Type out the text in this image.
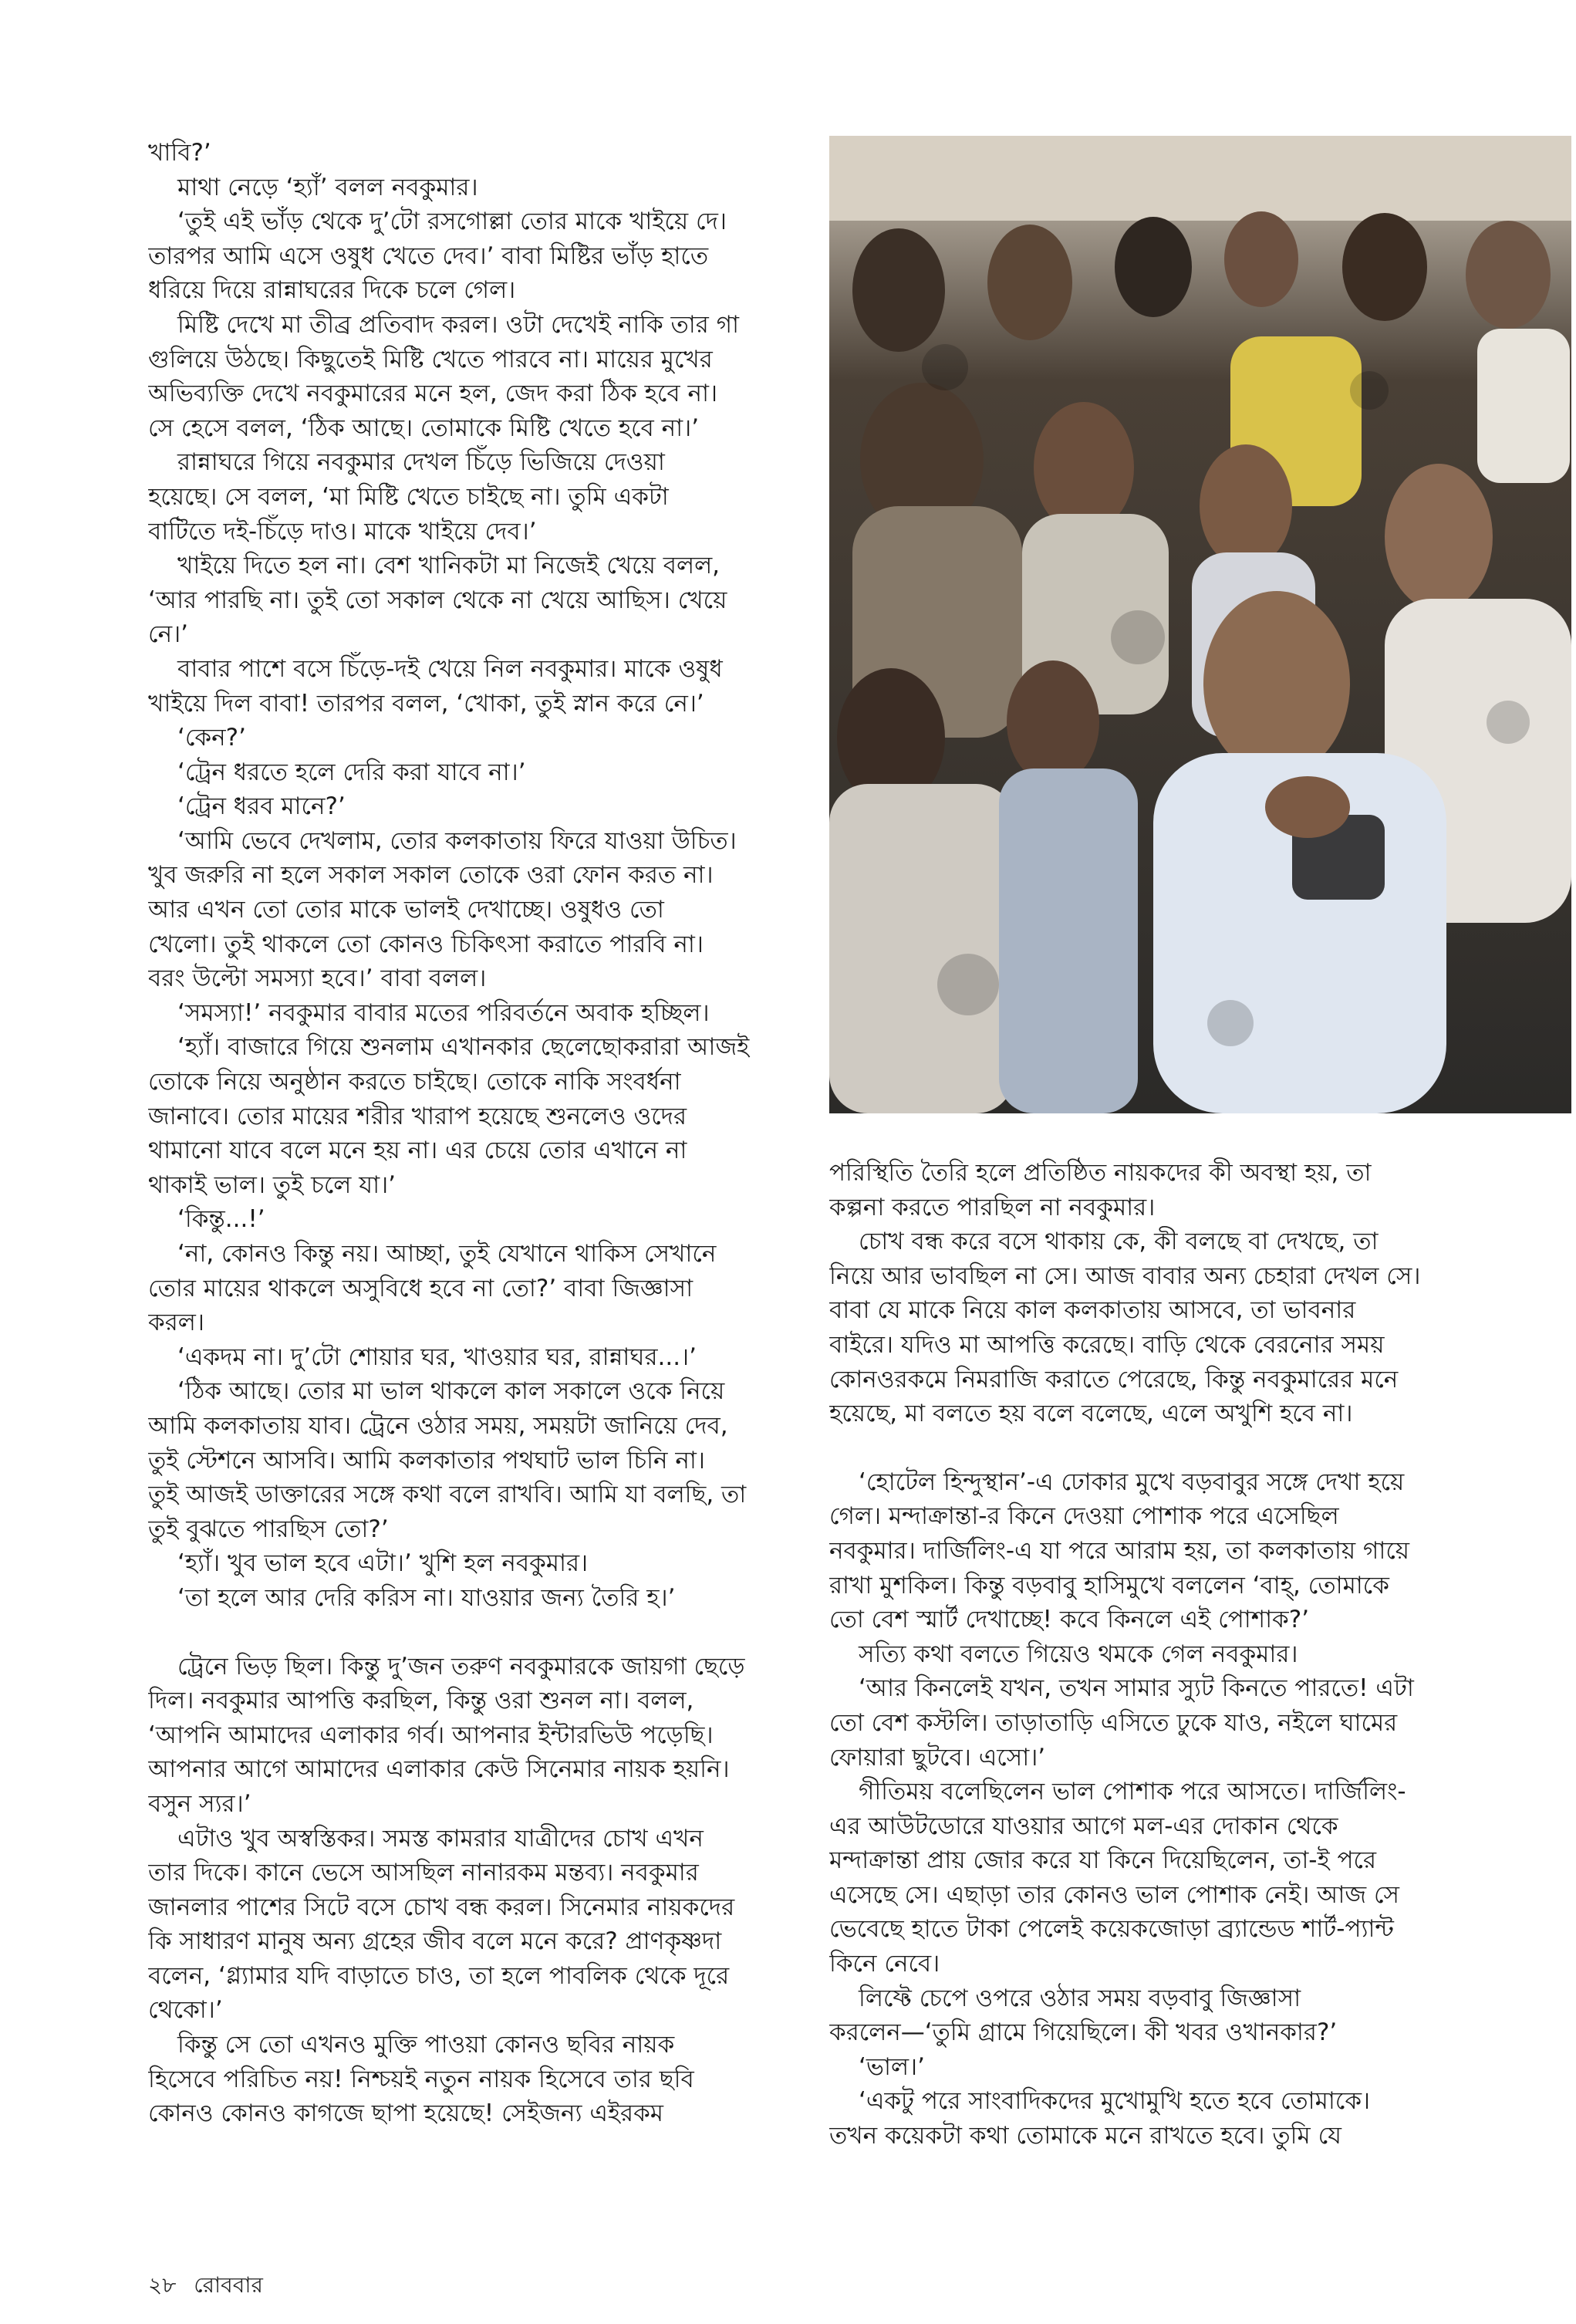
খাবি?’

মাথা নেড়ে ‘হ্যাঁ’ বলল নবকুমার।

‘তুই এই ভাঁড় থেকে দু’টো রসগোল্লা তোর মাকে খাইয়ে দে।

তারপর আমি এসে ওষুধ খেতে দেব।’ বাবা মিষ্টির ভাঁড় হাতে

ধরিয়ে দিয়ে রান্নাঘরের দিকে চলে গেল।

মিষ্টি দেখে মা তীব্র প্রতিবাদ করল। ওটা দেখেই নাকি তার গা

গুলিয়ে উঠছে। কিছুতেই মিষ্টি খেতে পারবে না। মায়ের মুখের

অভিব্যক্তি দেখে নবকুমারের মনে হল, জেদ করা ঠিক হবে না।

সে হেসে বলল, ‘ঠিক আছে। তোমাকে মিষ্টি খেতে হবে না।’

রান্নাঘরে গিয়ে নবকুমার দেখল চিঁড়ে ভিজিয়ে দেওয়া

হয়েছে। সে বলল, ‘মা মিষ্টি খেতে চাইছে না। তুমি একটা

বাটিতে দই-চিঁড়ে দাও। মাকে খাইয়ে দেব।’

খাইয়ে দিতে হল না। বেশ খানিকটা মা নিজেই খেয়ে বলল,

‘আর পারছি না। তুই তো সকাল থেকে না খেয়ে আছিস। খেয়ে

নে।’

বাবার পাশে বসে চিঁড়ে-দই খেয়ে নিল নবকুমার। মাকে ওষুধ

খাইয়ে দিল বাবা! তারপর বলল, ‘খোকা, তুই স্নান করে নে।’

‘কেন?’

‘ট্রেন ধরতে হলে দেরি করা যাবে না।’

‘ট্রেন ধরব মানে?’

‘আমি ভেবে দেখলাম, তোর কলকাতায় ফিরে যাওয়া উচিত।

খুব জরুরি না হলে সকাল সকাল তোকে ওরা ফোন করত না।

আর এখন তো তোর মাকে ভালই দেখাচ্ছে। ওষুধও তো

খেলো। তুই থাকলে তো কোনও চিকিৎসা করাতে পারবি না।

বরং উল্টো সমস্যা হবে।’ বাবা বলল।

‘সমস্যা!’ নবকুমার বাবার মতের পরিবর্তনে অবাক হচ্ছিল।

‘হ্যাঁ। বাজারে গিয়ে শুনলাম এখানকার ছেলেছোকরারা আজই

তোকে নিয়ে অনুষ্ঠান করতে চাইছে। তোকে নাকি সংবর্ধনা

জানাবে। তোর মায়ের শরীর খারাপ হয়েছে শুনলেও ওদের

থামানো যাবে বলে মনে হয় না। এর চেয়ে তোর এখানে না

থাকাই ভাল। তুই চলে যা।’

‘কিন্তু...!’

‘না, কোনও কিন্তু নয়। আচ্ছা, তুই যেখানে থাকিস সেখানে

তোর মায়ের থাকলে অসুবিধে হবে না তো?’ বাবা জিজ্ঞাসা

করল।

‘একদম না। দু’টো শোয়ার ঘর, খাওয়ার ঘর, রান্নাঘর...।’

‘ঠিক আছে। তোর মা ভাল থাকলে কাল সকালে ওকে নিয়ে

আমি কলকাতায় যাব। ট্রেনে ওঠার সময়, সময়টা জানিয়ে দেব,

তুই স্টেশনে আসবি। আমি কলকাতার পথঘাট ভাল চিনি না।

তুই আজই ডাক্তারের সঙ্গে কথা বলে রাখবি। আমি যা বলছি, তা

তুই বুঝতে পারছিস তো?’

‘হ্যাঁ। খুব ভাল হবে এটা।’ খুশি হল নবকুমার।

‘তা হলে আর দেরি করিস না। যাওয়ার জন্য তৈরি হ।’

ট্রেনে ভিড় ছিল। কিন্তু দু’জন তরুণ নবকুমারকে জায়গা ছেড়ে

দিল। নবকুমার আপত্তি করছিল, কিন্তু ওরা শুনল না। বলল,

‘আপনি আমাদের এলাকার গর্ব। আপনার ইন্টারভিউ পড়েছি।

আপনার আগে আমাদের এলাকার কেউ সিনেমার নায়ক হয়নি।

বসুন স্যর।’

এটাও খুব অস্বস্তিকর। সমস্ত কামরার যাত্রীদের চোখ এখন

তার দিকে। কানে ভেসে আসছিল নানারকম মন্তব্য। নবকুমার

জানলার পাশের সিটে বসে চোখ বন্ধ করল। সিনেমার নায়কদের

কি সাধারণ মানুষ অন্য গ্রহের জীব বলে মনে করে? প্রাণকৃষ্ণদা

বলেন, ‘গ্ল্যামার যদি বাড়াতে চাও, তা হলে পাবলিক থেকে দূরে

থেকো।’

কিন্তু সে তো এখনও মুক্তি পাওয়া কোনও ছবির নায়ক

হিসেবে পরিচিত নয়! নিশ্চয়ই নতুন নায়ক হিসেবে তার ছবি

কোনও কোনও কাগজে ছাপা হয়েছে! সেইজন্য এইরকম

পরিস্থিতি তৈরি হলে প্রতিষ্ঠিত নায়কদের কী অবস্থা হয়, তা

কল্পনা করতে পারছিল না নবকুমার।

চোখ বন্ধ করে বসে থাকায় কে, কী বলছে বা দেখছে, তা

নিয়ে আর ভাবছিল না সে। আজ বাবার অন্য চেহারা দেখল সে।

বাবা যে মাকে নিয়ে কাল কলকাতায় আসবে, তা ভাবনার

বাইরে। যদিও মা আপত্তি করেছে। বাড়ি থেকে বেরনোর সময়

কোনওরকমে নিমরাজি করাতে পেরেছে, কিন্তু নবকুমারের মনে

হয়েছে, মা বলতে হয় বলে বলেছে, এলে অখুশি হবে না।

‘হোটেল হিন্দুস্থান’-এ ঢোকার মুখে বড়বাবুর সঙ্গে দেখা হয়ে

গেল। মন্দাক্রান্তা-র কিনে দেওয়া পোশাক পরে এসেছিল

নবকুমার। দার্জিলিং-এ যা পরে আরাম হয়, তা কলকাতায় গায়ে

রাখা মুশকিল। কিন্তু বড়বাবু হাসিমুখে বললেন ‘বাহ্, তোমাকে

তো বেশ স্মার্ট দেখাচ্ছে! কবে কিনলে এই পোশাক?’

সত্যি কথা বলতে গিয়েও থমকে গেল নবকুমার।

‘আর কিনলেই যখন, তখন সামার স্যুট কিনতে পারতে! এটা

তো বেশ কস্টলি। তাড়াতাড়ি এসিতে ঢুকে যাও, নইলে ঘামের

ফোয়ারা ছুটবে। এসো।’

গীতিময় বলেছিলেন ভাল পোশাক পরে আসতে। দার্জিলিং-

এর আউটডোরে যাওয়ার আগে মল-এর দোকান থেকে

মন্দাক্রান্তা প্রায় জোর করে যা কিনে দিয়েছিলেন, তা-ই পরে

এসেছে সে। এছাড়া তার কোনও ভাল পোশাক নেই। আজ সে

ভেবেছে হাতে টাকা পেলেই কয়েকজোড়া ব্র্যান্ডেড শার্ট-প্যান্ট

কিনে নেবে।

লিফ্টে চেপে ওপরে ওঠার সময় বড়বাবু জিজ্ঞাসা

করলেন—‘তুমি গ্রামে গিয়েছিলে। কী খবর ওখানকার?’

‘ভাল।’

‘একটু পরে সাংবাদিকদের মুখোমুখি হতে হবে তোমাকে।

তখন কয়েকটা কথা তোমাকে মনে রাখতে হবে। তুমি যে

২৮ রোববার
